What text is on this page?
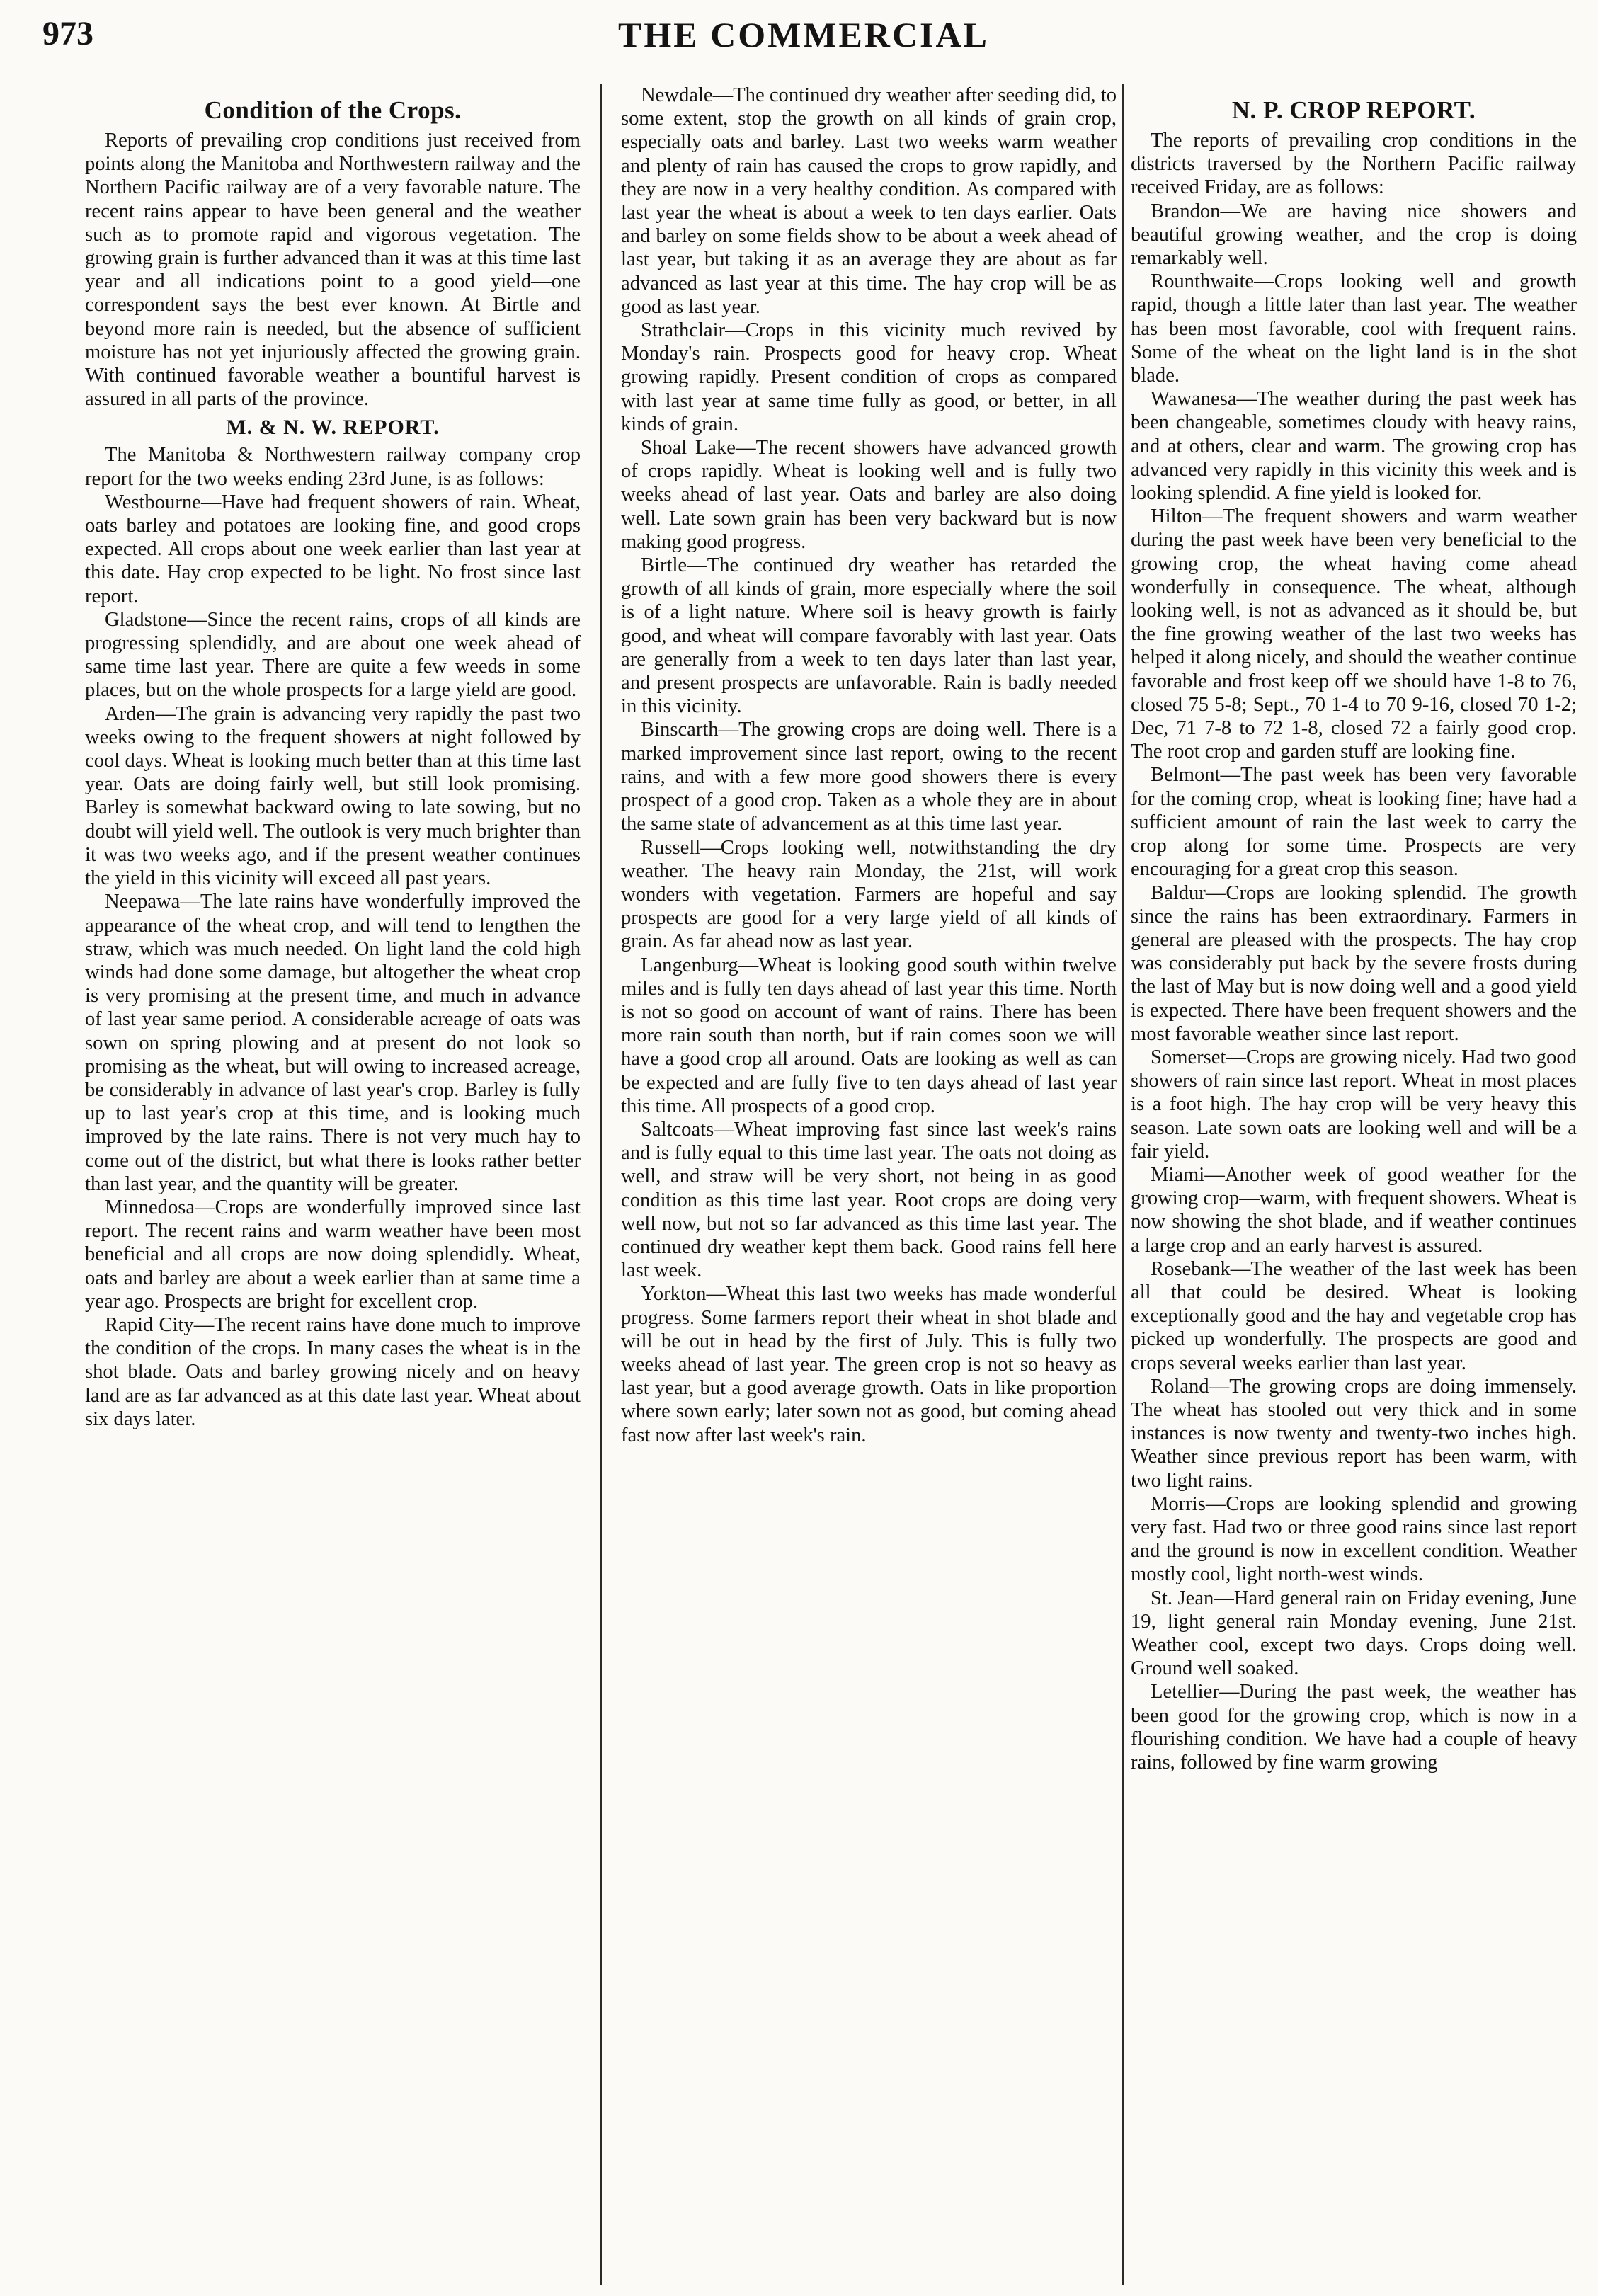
973	THE COMMERCIAL
Condition of the Crops.

Reports of prevailing crop conditions just received from points along the Manitoba and Northwestern railway and the Northern Pacific railway are of a very favorable nature. The recent rains appear to have been general and the weather such as to promote rapid and vigorous vegetation. The growing grain is further advanced than it was at this time last year and all indications point to a good yield—one correspondent says the best ever known. At Birtle and beyond more rain is needed, but the absence of sufficient moisture has not yet injuriously affected the growing grain. With continued favorable weather a bountiful harvest is assured in all parts of the province.

M. & N. W. REPORT.

The Manitoba & Northwestern railway company crop report for the two weeks ending 23rd June, is as follows:

Westbourne—Have had frequent showers of rain. Wheat, oats barley and potatoes are looking fine, and good crops expected. All crops about one week earlier than last year at this date. Hay crop expected to be light. No frost since last report.

Gladstone—Since the recent rains, crops of all kinds are progressing splendidly, and are about one week ahead of same time last year. There are quite a few weeds in some places, but on the whole prospects for a large yield are good.

Arden—The grain is advancing very rapidly the past two weeks owing to the frequent showers at night followed by cool days. Wheat is looking much better than at this time last year. Oats are doing fairly well, but still look promising. Barley is somewhat backward owing to late sowing, but no doubt will yield well. The outlook is very much brighter than it was two weeks ago, and if the present weather continues the yield in this vicinity will exceed all past years.

Neepawa—The late rains have wonderfully improved the appearance of the wheat crop, and will tend to lengthen the straw, which was much needed. On light land the cold high winds had done some damage, but altogether the wheat crop is very promising at the present time, and much in advance of last year same period. A considerable acreage of oats was sown on spring plowing and at present do not look so promising as the wheat, but will owing to increased acreage, be considerably in advance of last year's crop. Barley is fully up to last year's crop at this time, and is looking much improved by the late rains. There is not very much hay to come out of the district, but what there is looks rather better than last year, and the quantity will be greater.

Minnedosa—Crops are wonderfully improved since last report. The recent rains and warm weather have been most beneficial and all crops are now doing splendidly. Wheat, oats and barley are about a week earlier than at same time a year ago. Prospects are bright for excellent crop.

Rapid City—The recent rains have done much to improve the condition of the crops. In many cases the wheat is in the shot blade. Oats and barley growing nicely and on heavy land are as far advanced as at this date last year. Wheat about six days later.

Newdale—The continued dry weather after seeding did, to some extent, stop the growth on all kinds of grain crop, especially oats and barley. Last two weeks warm weather and plenty of rain has caused the crops to grow rapidly, and they are now in a very healthy condition. As compared with last year the wheat is about a week to ten days earlier. Oats and barley on some fields show to be about a week ahead of last year, but taking it as an average they are about as far advanced as last year at this time. The hay crop will be as good as last year.

Strathclair—Crops in this vicinity much revived by Monday's rain. Prospects good for heavy crop. Wheat growing rapidly. Present condition of crops as compared with last year at same time fully as good, or better, in all kinds of grain.

Shoal Lake—The recent showers have advanced growth of crops rapidly. Wheat is looking well and is fully two weeks ahead of last year. Oats and barley are also doing well. Late sown grain has been very backward but is now making good progress.

Birtle—The continued dry weather has retarded the growth of all kinds of grain, more especially where the soil is of a light nature. Where soil is heavy growth is fairly good, and wheat will compare favorably with last year. Oats are generally from a week to ten days later than last year, and present prospects are unfavorable. Rain is badly needed in this vicinity.

Binscarth—The growing crops are doing well. There is a marked improvement since last report, owing to the recent rains, and with a few more good showers there is every prospect of a good crop. Taken as a whole they are in about the same state of advancement as at this time last year.

Russell—Crops looking well, notwithstanding the dry weather. The heavy rain Monday, the 21st, will work wonders with vegetation. Farmers are hopeful and say prospects are good for a very large yield of all kinds of grain. As far ahead now as last year.

Langenburg—Wheat is looking good south within twelve miles and is fully ten days ahead of last year this time. North is not so good on account of want of rains. There has been more rain south than north, but if rain comes soon we will have a good crop all around. Oats are looking as well as can be expected and are fully five to ten days ahead of last year this time. All prospects of a good crop.

Saltcoats—Wheat improving fast since last week's rains and is fully equal to this time last year. The oats not doing as well, and straw will be very short, not being in as good condition as this time last year. Root crops are doing very well now, but not so far advanced as this time last year. The continued dry weather kept them back. Good rains fell here last week.

Yorkton—Wheat this last two weeks has made wonderful progress. Some farmers report their wheat in shot blade and will be out in head by the first of July. This is fully two weeks ahead of last year. The green crop is not so heavy as last year, but a good average growth. Oats in like proportion where sown early; later sown not as good, but coming ahead fast now after last week's rain.

N. P. CROP REPORT.

The reports of prevailing crop conditions in the districts traversed by the Northern Pacific railway received Friday, are as follows:

Brandon—We are having nice showers and beautiful growing weather, and the crop is doing remarkably well.

Rounthwaite—Crops looking well and growth rapid, though a little later than last year. The weather has been most favorable, cool with frequent rains. Some of the wheat on the light land is in the shot blade.

Wawanesa—The weather during the past week has been changeable, sometimes cloudy with heavy rains, and at others, clear and warm. The growing crop has advanced very rapidly in this vicinity this week and is looking splendid. A fine yield is looked for.

Hilton—The frequent showers and warm weather during the past week have been very beneficial to the growing crop, the wheat having come ahead wonderfully in consequence. The wheat, although looking well, is not as advanced as it should be, but the fine growing weather of the last two weeks has helped it along nicely, and should the weather continue favorable and frost keep off we should have 1-8 to 76, closed 75 5-8; Sept., 70 1-4 to 70 9-16, closed 70 1-2; Dec, 71 7-8 to 72 1-8, closed 72 a fairly good crop. The root crop and garden stuff are looking fine.

Belmont—The past week has been very favorable for the coming crop, wheat is looking fine; have had a sufficient amount of rain the last week to carry the crop along for some time. Prospects are very encouraging for a great crop this season.

Baldur—Crops are looking splendid. The growth since the rains has been extraordinary. Farmers in general are pleased with the prospects. The hay crop was considerably put back by the severe frosts during the last of May but is now doing well and a good yield is expected. There have been frequent showers and the most favorable weather since last report.

Somerset—Crops are growing nicely. Had two good showers of rain since last report. Wheat in most places is a foot high. The hay crop will be very heavy this season. Late sown oats are looking well and will be a fair yield.

Miami—Another week of good weather for the growing crop—warm, with frequent showers. Wheat is now showing the shot blade, and if weather continues a large crop and an early harvest is assured.

Rosebank—The weather of the last week has been all that could be desired. Wheat is looking exceptionally good and the hay and vegetable crop has picked up wonderfully. The prospects are good and crops several weeks earlier than last year.

Roland—The growing crops are doing immensely. The wheat has stooled out very thick and in some instances is now twenty and twenty-two inches high. Weather since previous report has been warm, with two light rains.

Morris—Crops are looking splendid and growing very fast. Had two or three good rains since last report and the ground is now in excellent condition. Weather mostly cool, light north-west winds.

St. Jean—Hard general rain on Friday evening, June 19, light general rain Monday evening, June 21st. Weather cool, except two days. Crops doing well. Ground well soaked.

Letellier—During the past week, the weather has been good for the growing crop, which is now in a flourishing condition. We have had a couple of heavy rains, followed by fine warm growing
